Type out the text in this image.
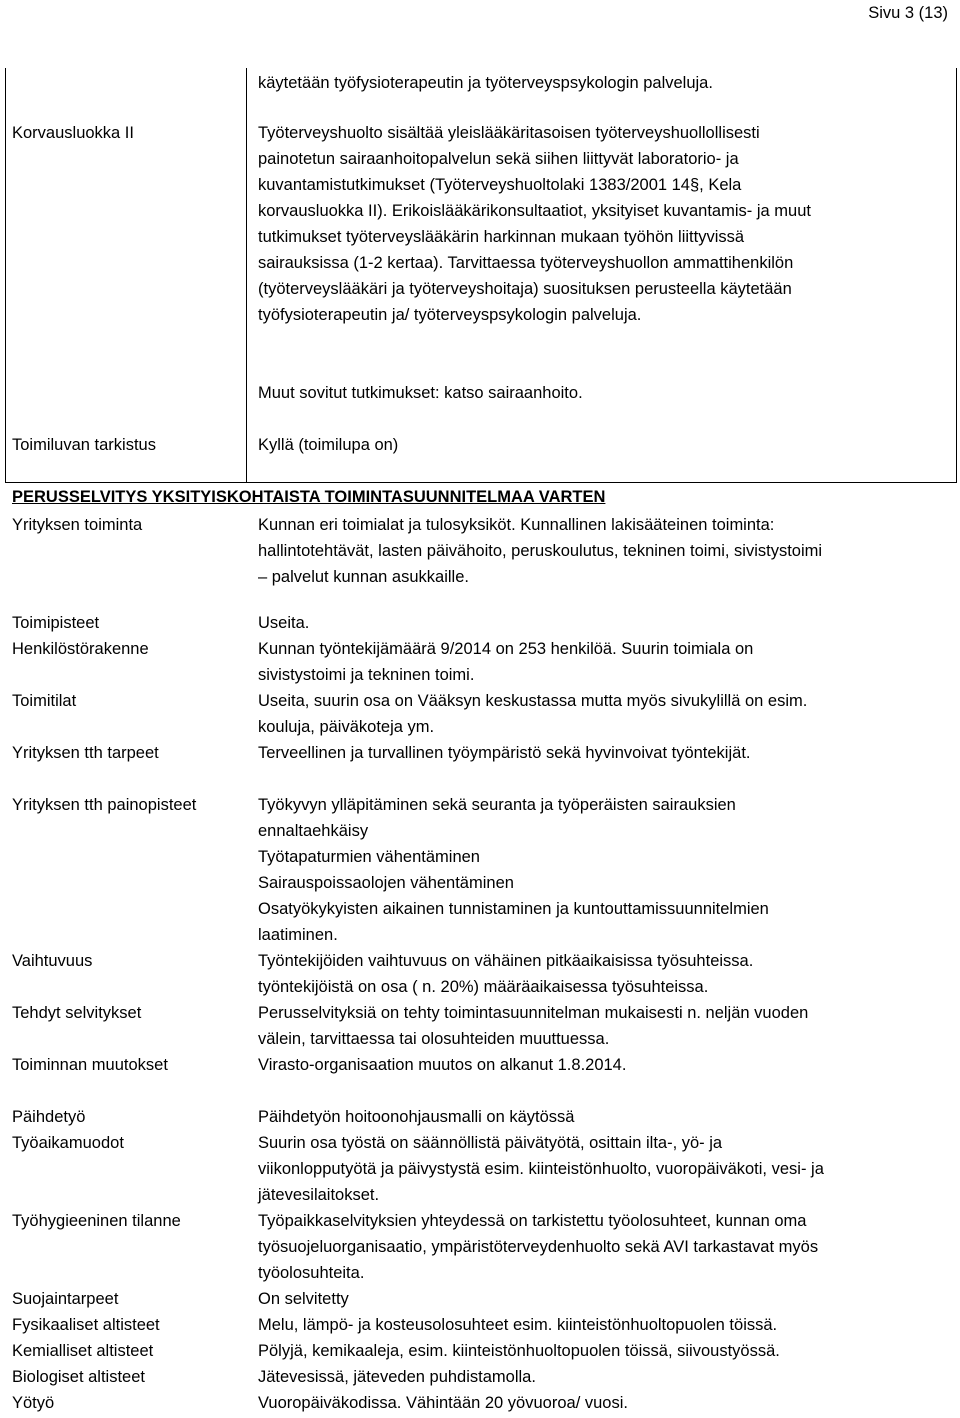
Sivu 3 (13)
käytetään työfysioterapeutin ja työterveyspsykologin palveluja.
Korvausluokka II	Työterveyshuolto sisältää yleislääkäritasoisen työterveyshuollollisesti
painotetun sairaanhoitopalvelun sekä siihen liittyvät laboratorio- ja
kuvantamistutkimukset (Työterveyshuoltolaki 1383/2001 14§, Kela
korvausluokka II). Erikoislääkärikonsultaatiot, yksityiset kuvantamis- ja muut
tutkimukset työterveyslääkärin harkinnan mukaan työhön liittyvissä
sairauksissa (1-2 kertaa). Tarvittaessa työterveyshuollon ammattihenkilön
(työterveyslääkäri ja työterveyshoitaja) suosituksen perusteella käytetään
työfysioterapeutin ja/ työterveyspsykologin palveluja.
Muut sovitut tutkimukset: katso sairaanhoito.
Toimiluvan tarkistus	Kyllä (toimilupa on)
PERUSSELVITYS YKSITYISKOHTAISTA TOIMINTASUUNNITELMAA VARTEN
Yrityksen toiminta	Kunnan eri toimialat ja tulosyksiköt. Kunnallinen lakisääteinen toiminta:
hallintotehtävät, lasten päivähoito, peruskoulutus, tekninen toimi, sivistystoimi
– palvelut kunnan asukkaille.
Toimipisteet	Useita.
Henkilöstörakenne	Kunnan työntekijämäärä 9/2014 on 253 henkilöä. Suurin toimiala on
sivistystoimi ja tekninen toimi.
Toimitilat	Useita, suurin osa on Vääksyn keskustassa mutta myös sivukylillä on esim.
kouluja, päiväkoteja ym.
Yrityksen tth tarpeet	Terveellinen ja turvallinen työympäristö sekä hyvinvoivat työntekijät.
Yrityksen tth painopisteet	Työkyvyn ylläpitäminen sekä seuranta ja työperäisten sairauksien
ennaltaehkäisy
Työtapaturmien vähentäminen
Sairauspoissaolojen vähentäminen
Osatyökykyisten aikainen tunnistaminen ja kuntouttamissuunnitelmien
laatiminen.
Vaihtuvuus	Työntekijöiden vaihtuvuus on vähäinen pitkäaikaisissa työsuhteissa.
työntekijöistä on osa ( n. 20%) määräaikaisessa työsuhteissa.
Tehdyt selvitykset	Perusselvityksiä on tehty toimintasuunnitelman mukaisesti n. neljän vuoden
välein, tarvittaessa tai olosuhteiden muuttuessa.
Toiminnan muutokset	Virasto-organisaation muutos on alkanut 1.8.2014.
Päihdetyö	Päihdetyön hoitoonohjausmalli on käytössä
Työaikamuodot	Suurin osa työstä on säännöllistä päivätyötä, osittain ilta-, yö- ja
viikonlopputyötä ja päivystystä esim. kiinteistönhuolto, vuoropäiväkoti, vesi- ja
jätevesilaitokset.
Työhygieeninen tilanne	Työpaikkaselvityksien yhteydessä on tarkistettu työolosuhteet, kunnan oma
työsuojeluorganisaatio, ympäristöterveydenhuolto sekä AVI tarkastavat myös
työolosuhteita.
Suojaintarpeet	On selvitetty
Fysikaaliset altisteet	Melu, lämpö- ja kosteusolosuhteet esim. kiinteistönhuoltopuolen töissä.
Kemialliset altisteet	Pölyjä, kemikaaleja, esim. kiinteistönhuoltopuolen töissä, siivoustyössä.
Biologiset altisteet	Jätevesissä, jäteveden puhdistamolla.
Yötyö	Vuoropäiväkodissa. Vähintään 20 yövuoroa/ vuosi.
